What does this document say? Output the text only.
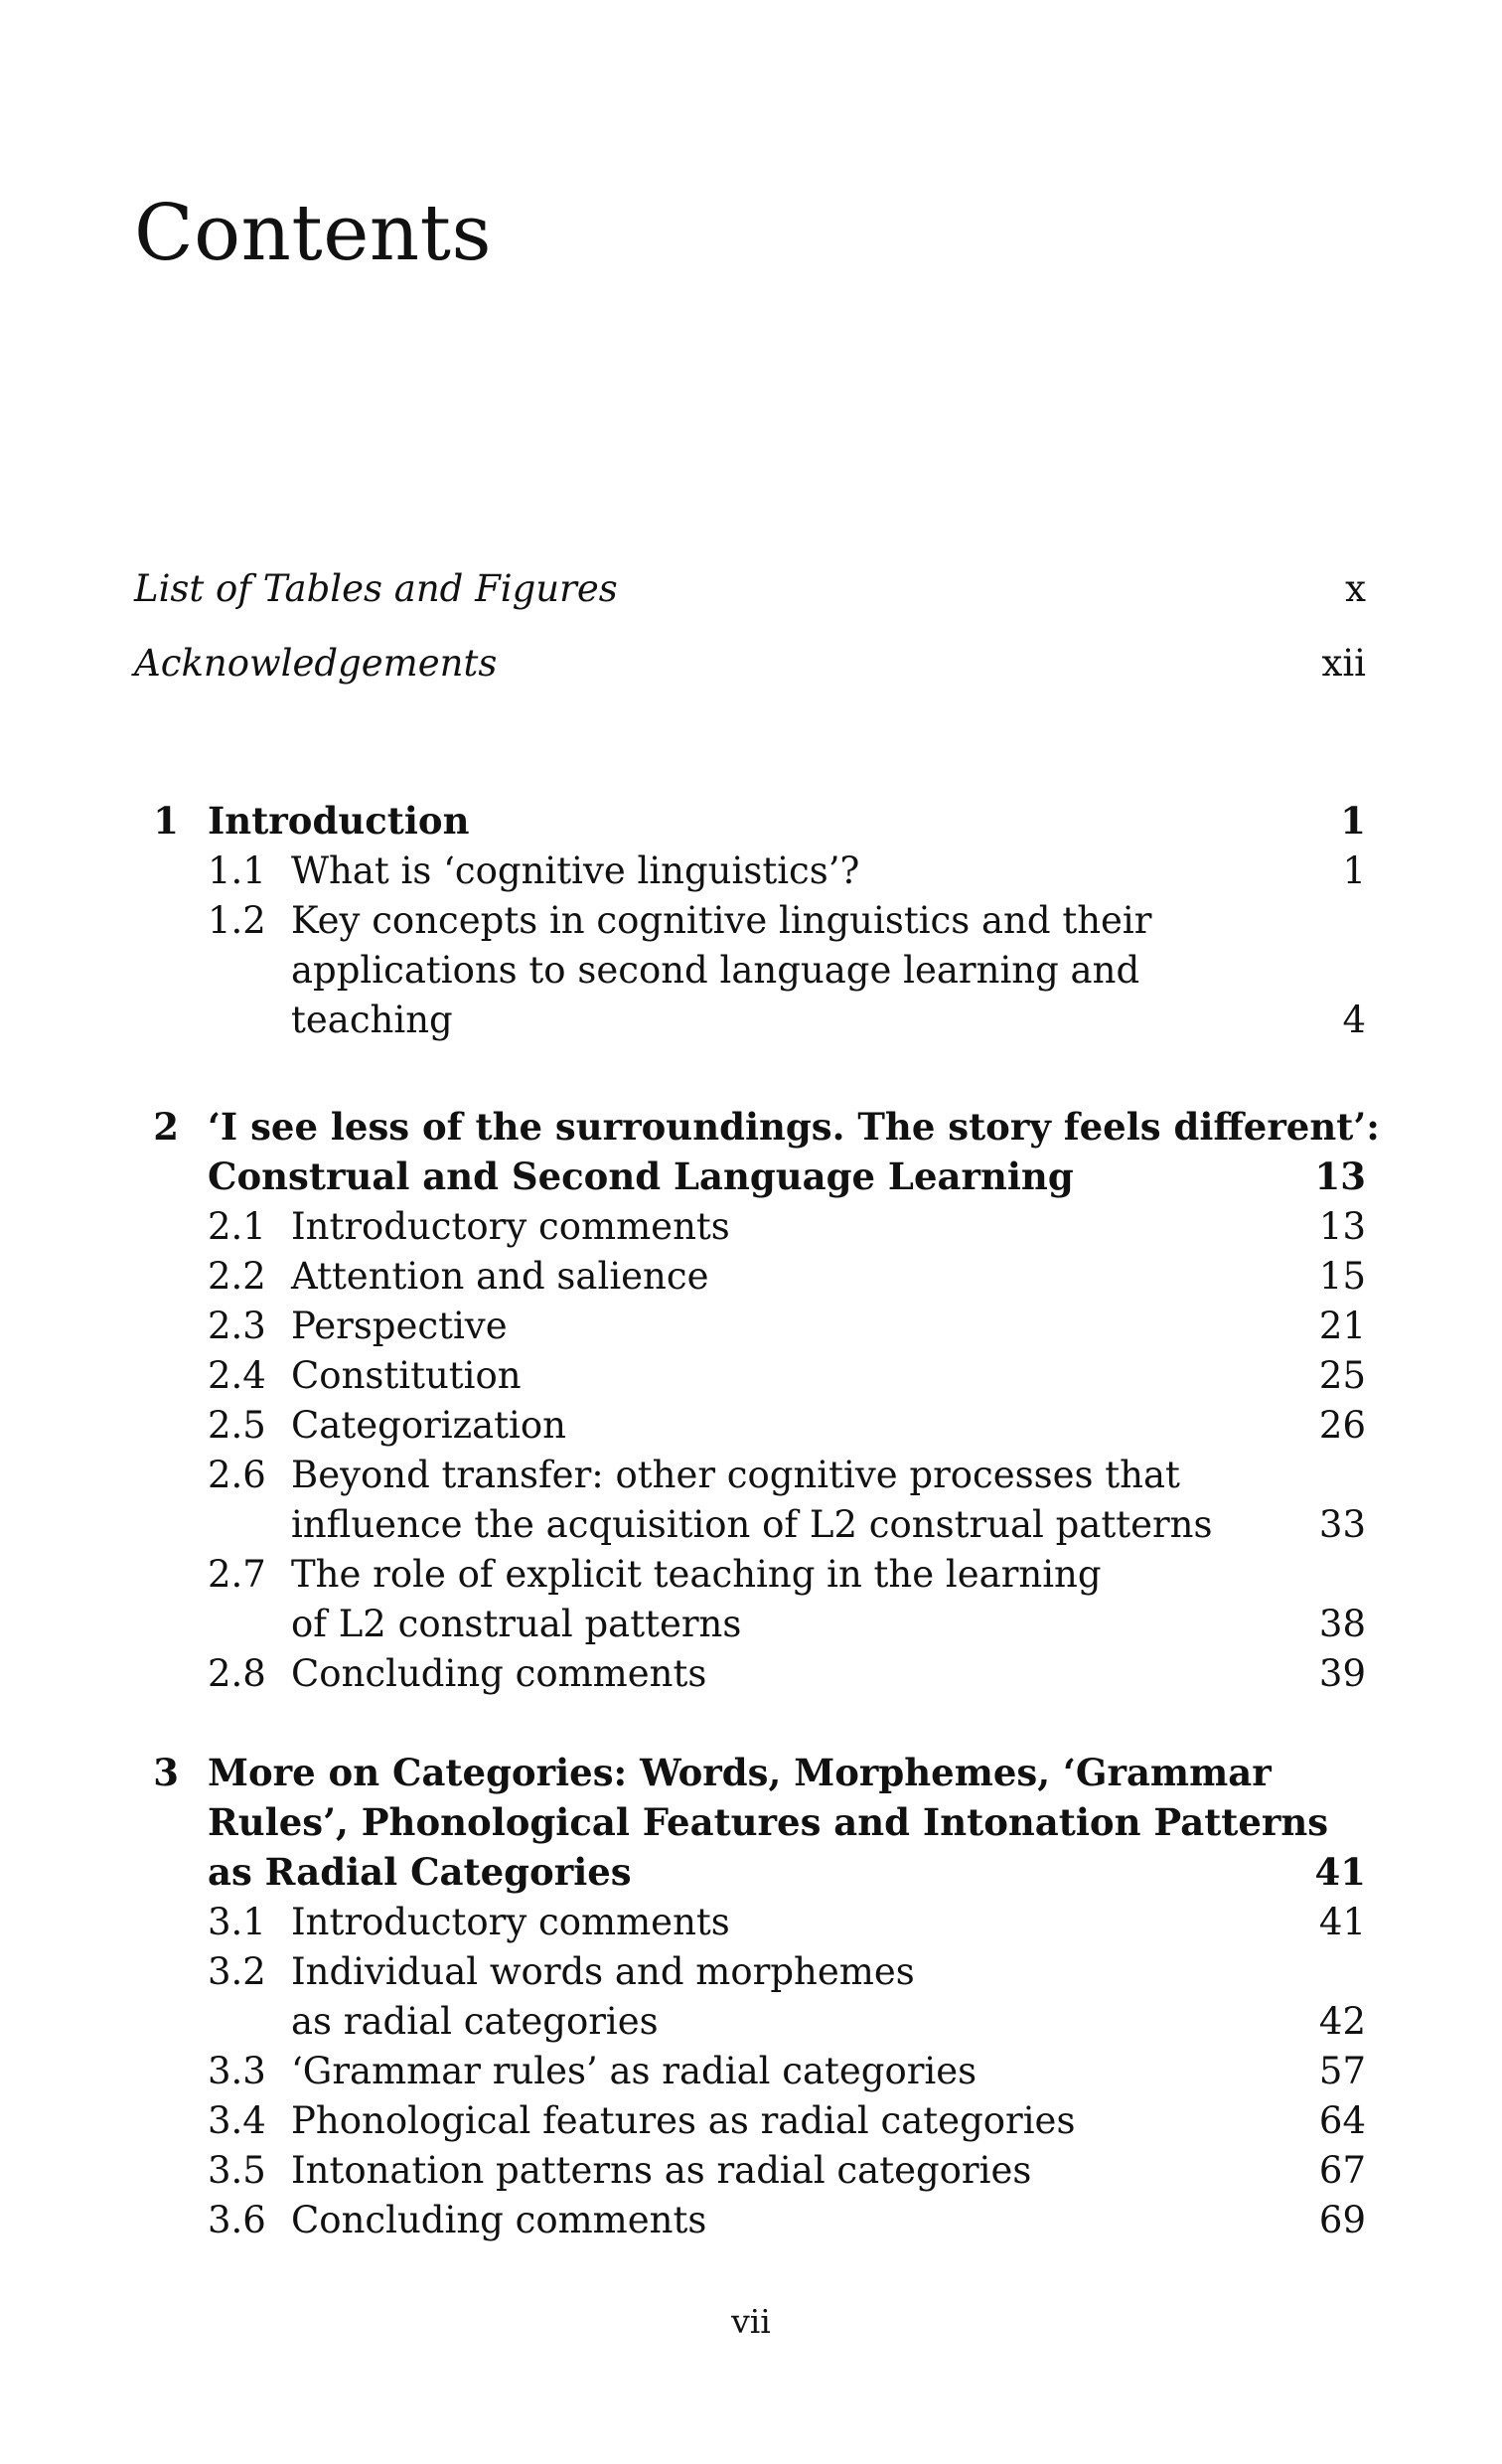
Contents
List of Tables and Figures	x
Acknowledgements	xii
1 Introduction	1
1.1 What is ‘cognitive linguistics’?	1
1.2 Key concepts in cognitive linguistics and their
applications to second language learning and
teaching	4
2 ‘I see less of the surroundings. The story feels different’:
Construal and Second Language Learning	13
2.1 Introductory comments	13
2.2 Attention and salience	15
2.3 Perspective	21
2.4 Constitution	25
2.5 Categorization	26
2.6 Beyond transfer: other cognitive processes that
influence the acquisition of L2 construal patterns	33
2.7 The role of explicit teaching in the learning
of L2 construal patterns	38
2.8 Concluding comments	39
3 More on Categories: Words, Morphemes, ‘Grammar
Rules’, Phonological Features and Intonation Patterns
as Radial Categories	41
3.1 Introductory comments	41
3.2 Individual words and morphemes
as radial categories	42
3.3 ‘Grammar rules’ as radial categories	57
3.4 Phonological features as radial categories	64
3.5 Intonation patterns as radial categories	67
3.6 Concluding comments	69
vii
